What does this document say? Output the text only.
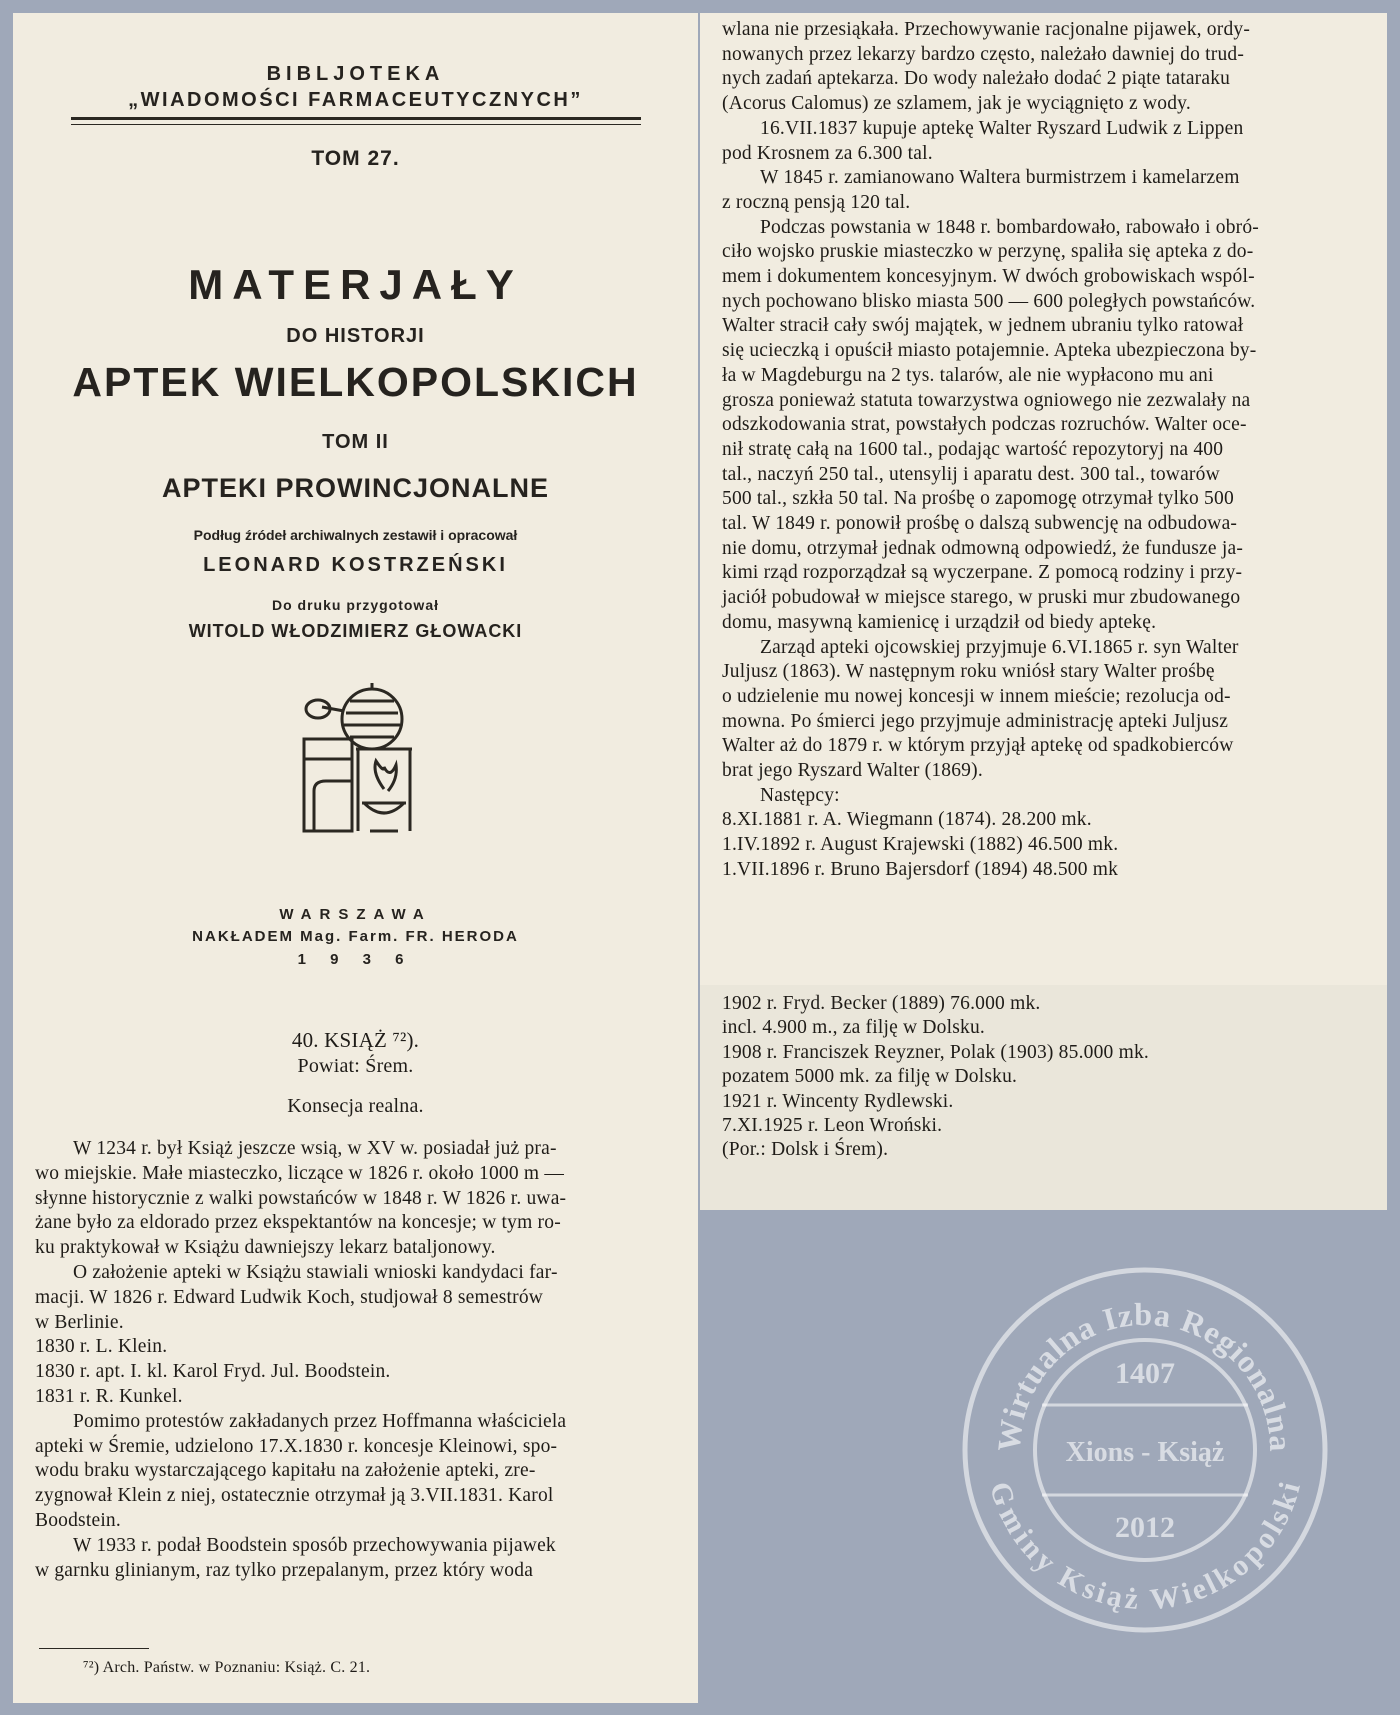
BIBLJOTEKA
„WIADOMOŚCI FARMACEUTYCZNYCH”
TOM 27.
MATERJAŁY
DO HISTORJI
APTEK WIELKOPOLSKICH
TOM II
APTEKI PROWINCJONALNE
Podług źródeł archiwalnych zestawił i opracował
LEONARD KOSTRZEŃSKI
Do druku przygotował
WITOLD WŁODZIMIERZ GŁOWACKI
WARSZAWA
NAKŁADEM Mag. Farm. FR. HERODA
1 9 3 6
wlana nie przesiąkała. Przechowywanie racjonalne pijawek, ordy-
nowanych przez lekarzy bardzo często, należało dawniej do trud-
nych zadań aptekarza. Do wody należało dodać 2 piąte tataraku
(Acorus Calomus) ze szlamem, jak je wyciągnięto z wody.
16.VII.1837 kupuje aptekę Walter Ryszard Ludwik z Lippen
pod Krosnem za 6.300 tal.
W 1845 r. zamianowano Waltera burmistrzem i kamelarzem
z roczną pensją 120 tal.
Podczas powstania w 1848 r. bombardowało, rabowało i obró-
ciło wojsko pruskie miasteczko w perzynę, spaliła się apteka z do-
mem i dokumentem koncesyjnym. W dwóch grobowiskach wspól-
nych pochowano blisko miasta 500 — 600 poległych powstańców.
Walter stracił cały swój majątek, w jednem ubraniu tylko ratował
się ucieczką i opuścił miasto potajemnie. Apteka ubezpieczona by-
ła w Magdeburgu na 2 tys. talarów, ale nie wypłacono mu ani
grosza ponieważ statuta towarzystwa ogniowego nie zezwalały na
odszkodowania strat, powstałych podczas rozruchów. Walter oce-
nił stratę całą na 1600 tal., podając wartość repozytoryj na 400
tal., naczyń 250 tal., utensylij i aparatu dest. 300 tal., towarów
500 tal., szkła 50 tal. Na prośbę o zapomogę otrzymał tylko 500
tal. W 1849 r. ponowił prośbę o dalszą subwencję na odbudowa-
nie domu, otrzymał jednak odmowną odpowiedź, że fundusze ja-
kimi rząd rozporządzał są wyczerpane. Z pomocą rodziny i przy-
jaciół pobudował w miejsce starego, w pruski mur zbudowanego
domu, masywną kamienicę i urządził od biedy aptekę.
Zarząd apteki ojcowskiej przyjmuje 6.VI.1865 r. syn Walter
Juljusz (1863). W następnym roku wniósł stary Walter prośbę
o udzielenie mu nowej koncesji w innem mieście; rezolucja od-
mowna. Po śmierci jego przyjmuje administrację apteki Juljusz
Walter aż do 1879 r. w którym przyjął aptekę od spadkobierców
brat jego Ryszard Walter (1869).
Następcy:
8.XI.1881 r. A. Wiegmann (1874). 28.200 mk.
1.IV.1892 r. August Krajewski (1882) 46.500 mk.
1.VII.1896 r. Bruno Bajersdorf (1894) 48.500 mk
1902 r. Fryd. Becker (1889) 76.000 mk.
incl. 4.900 m., za filję w Dolsku.
1908 r. Franciszek Reyzner, Polak (1903) 85.000 mk.
pozatem 5000 mk. za filję w Dolsku.
1921 r. Wincenty Rydlewski.
7.XI.1925 r. Leon Wroński.
(Por.: Dolsk i Śrem).
40. KSIĄŻ ⁷²).
Powiat: Śrem.
Konsecja realna.
W 1234 r. był Książ jeszcze wsią, w XV w. posiadał już pra-
wo miejskie. Małe miasteczko, liczące w 1826 r. około 1000 m —
słynne historycznie z walki powstańców w 1848 r. W 1826 r. uwa-
żane było za eldorado przez ekspektantów na koncesje; w tym ro-
ku praktykował w Książu dawniejszy lekarz bataljonowy.
O założenie apteki w Książu stawiali wnioski kandydaci far-
macji. W 1826 r. Edward Ludwik Koch, studjował 8 semestrów
w Berlinie.
1830 r. L. Klein.
1830 r. apt. I. kl. Karol Fryd. Jul. Boodstein.
1831 r. R. Kunkel.
Pomimo protestów zakładanych przez Hoffmanna właściciela
apteki w Śremie, udzielono 17.X.1830 r. koncesje Kleinowi, spo-
wodu braku wystarczającego kapitału na założenie apteki, zre-
zygnował Klein z niej, ostatecznie otrzymał ją 3.VII.1831. Karol
Boodstein.
W 1933 r. podał Boodstein sposób przechowywania pijawek
w garnku glinianym, raz tylko przepalanym, przez który woda
⁷²) Arch. Państw. w Poznaniu: Książ. C. 21.
Wirtualna Izba Regionalna
Gminy Książ Wielkopolski
1407
Xions - Książ
2012
